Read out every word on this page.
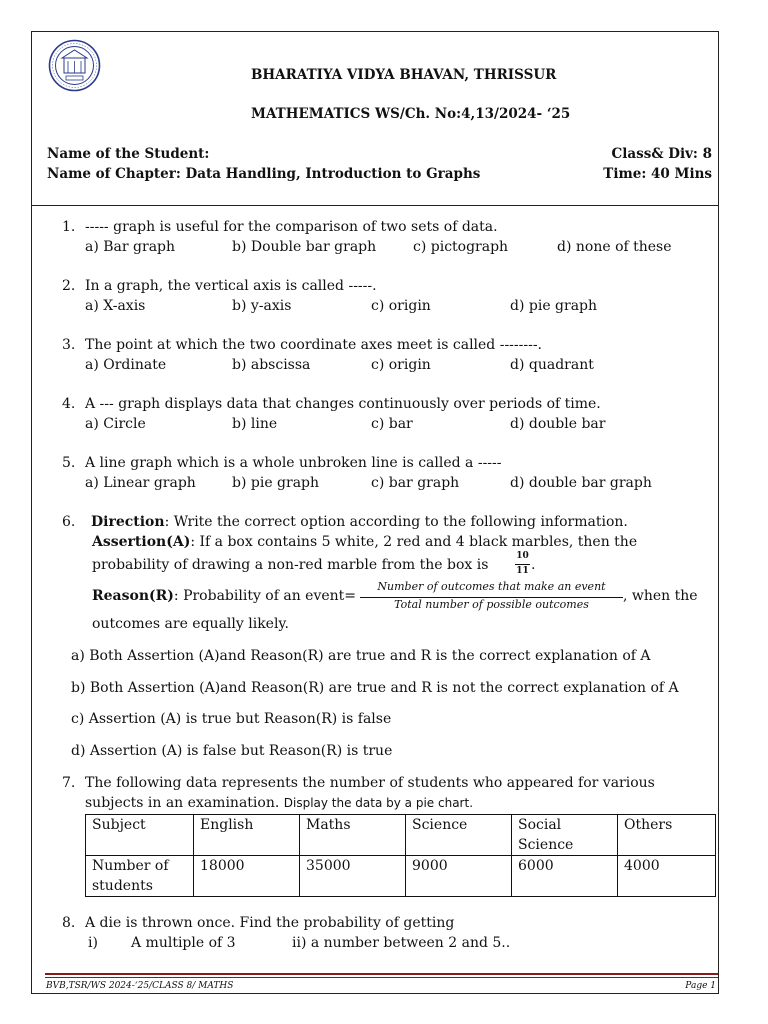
BHARATIYA VIDYA BHAVAN, THRISSUR
MATHEMATICS WS/Ch. No:4,13/2024- ‘25
Name of the Student:	Class& Div: 8
Name of Chapter: Data Handling, Introduction to Graphs	Time: 40 Mins
1. ----- graph is useful for the comparison of two sets of data.
a) Bar graph	b) Double bar graph	c) pictograph	d) none of these
2. In a graph, the vertical axis is called -----.
a) X-axis	b) y-axis	c) origin	d) pie graph
3. The point at which the two coordinate axes meet is called --------.
a) Ordinate	b) abscissa	c) origin	d) quadrant
4. A --- graph displays data that changes continuously over periods of time.
a) Circle	b) line	c) bar	d) double bar
5. A line graph which is a whole unbroken line is called a -----
a) Linear graph	b) pie graph	c) bar graph	d) double bar graph
6. Direction: Write the correct option according to the following information.
Assertion(A): If a box contains 5 white, 2 red and 4 black marbles, then the
probability of drawing a non-red marble from the box is
10
11 .
Reason(R): Probability of an event=
Number of outcomes that make an event
Total number of possible outcomes
, when the
outcomes are equally likely.
a) Both Assertion (A)and Reason(R) are true and R is the correct explanation of A
b) Both Assertion (A)and Reason(R) are true and R is not the correct explanation of A
c) Assertion (A) is true but Reason(R) is false
d) Assertion (A) is false but Reason(R) is true
7. The following data represents the number of students who appeared for various
subjects in an examination. Display the data by a pie chart.
Subject	English	Maths	Science	Social Science	Others
Number of students	18000	35000	9000	6000	4000
8. A die is thrown once. Find the probability of getting
i) A multiple of 3	ii) a number between 2 and 5..
BVB,TSR/WS 2024-‘25/CLASS 8/ MATHS	Page 1
